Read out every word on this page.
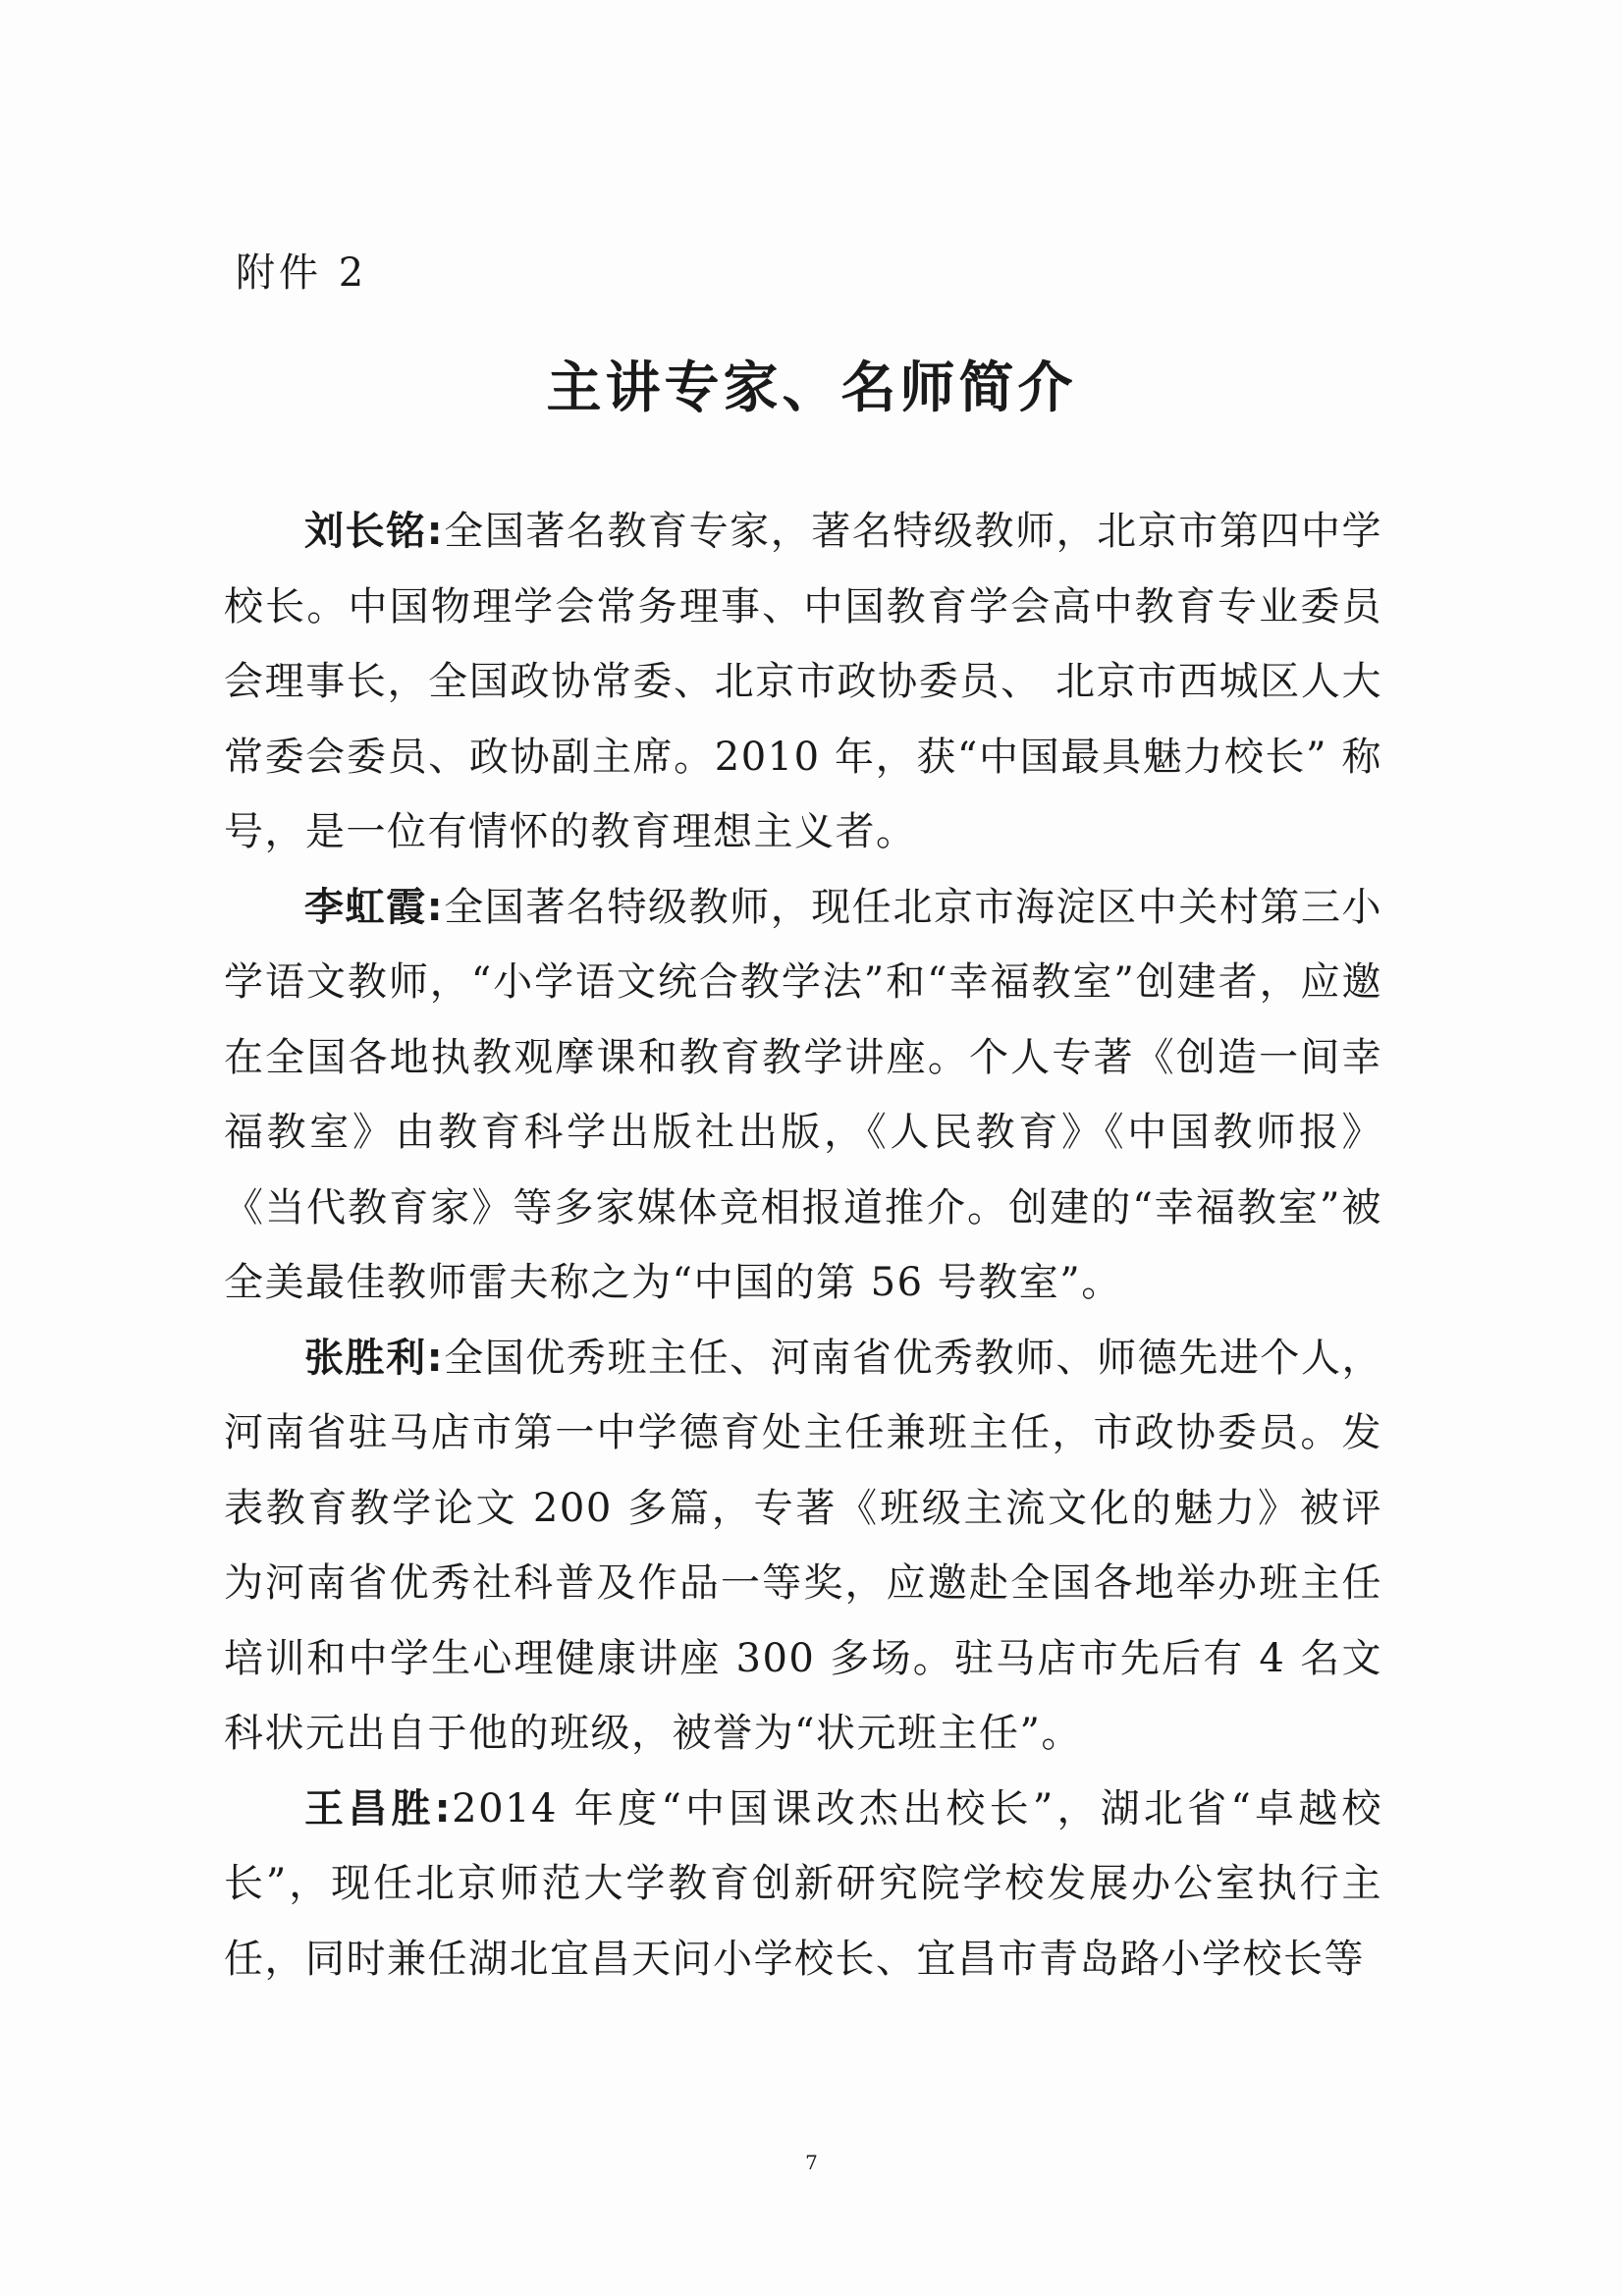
附件 2
主讲专家、名师简介

刘长铭:全国著名教育专家，著名特级教师，北京市第四中学校长。中国物理学会常务理事、中国教育学会高中教育专业委员会理事长，全国政协常委、北京市政协委员、 北京市西城区人大常委会委员、政协副主席。2010 年，获“中国最具魅力校长” 称号，是一位有情怀的教育理想主义者。

李虹霞:全国著名特级教师，现任北京市海淀区中关村第三小学语文教师，“小学语文统合教学法”和“幸福教室”创建者，应邀在全国各地执教观摩课和教育教学讲座。个人专著《创造一间幸福教室》由教育科学出版社出版，《人民教育》《中国教师报》《当代教育家》等多家媒体竞相报道推介。创建的“幸福教室”被全美最佳教师雷夫称之为“中国的第 56 号教室”。

张胜利:全国优秀班主任、河南省优秀教师、师德先进个人，河南省驻马店市第一中学德育处主任兼班主任，市政协委员。发表教育教学论文 200 多篇，专著《班级主流文化的魅力》被评为河南省优秀社科普及作品一等奖，应邀赴全国各地举办班主任培训和中学生心理健康讲座 300 多场。驻马店市先后有 4 名文科状元出自于他的班级，被誉为“状元班主任”。

王昌胜:2014 年度“中国课改杰出校长”，湖北省“卓越校长”，现任北京师范大学教育创新研究院学校发展办公室执行主任，同时兼任湖北宜昌天问小学校长、宜昌市青岛路小学校长等

7
